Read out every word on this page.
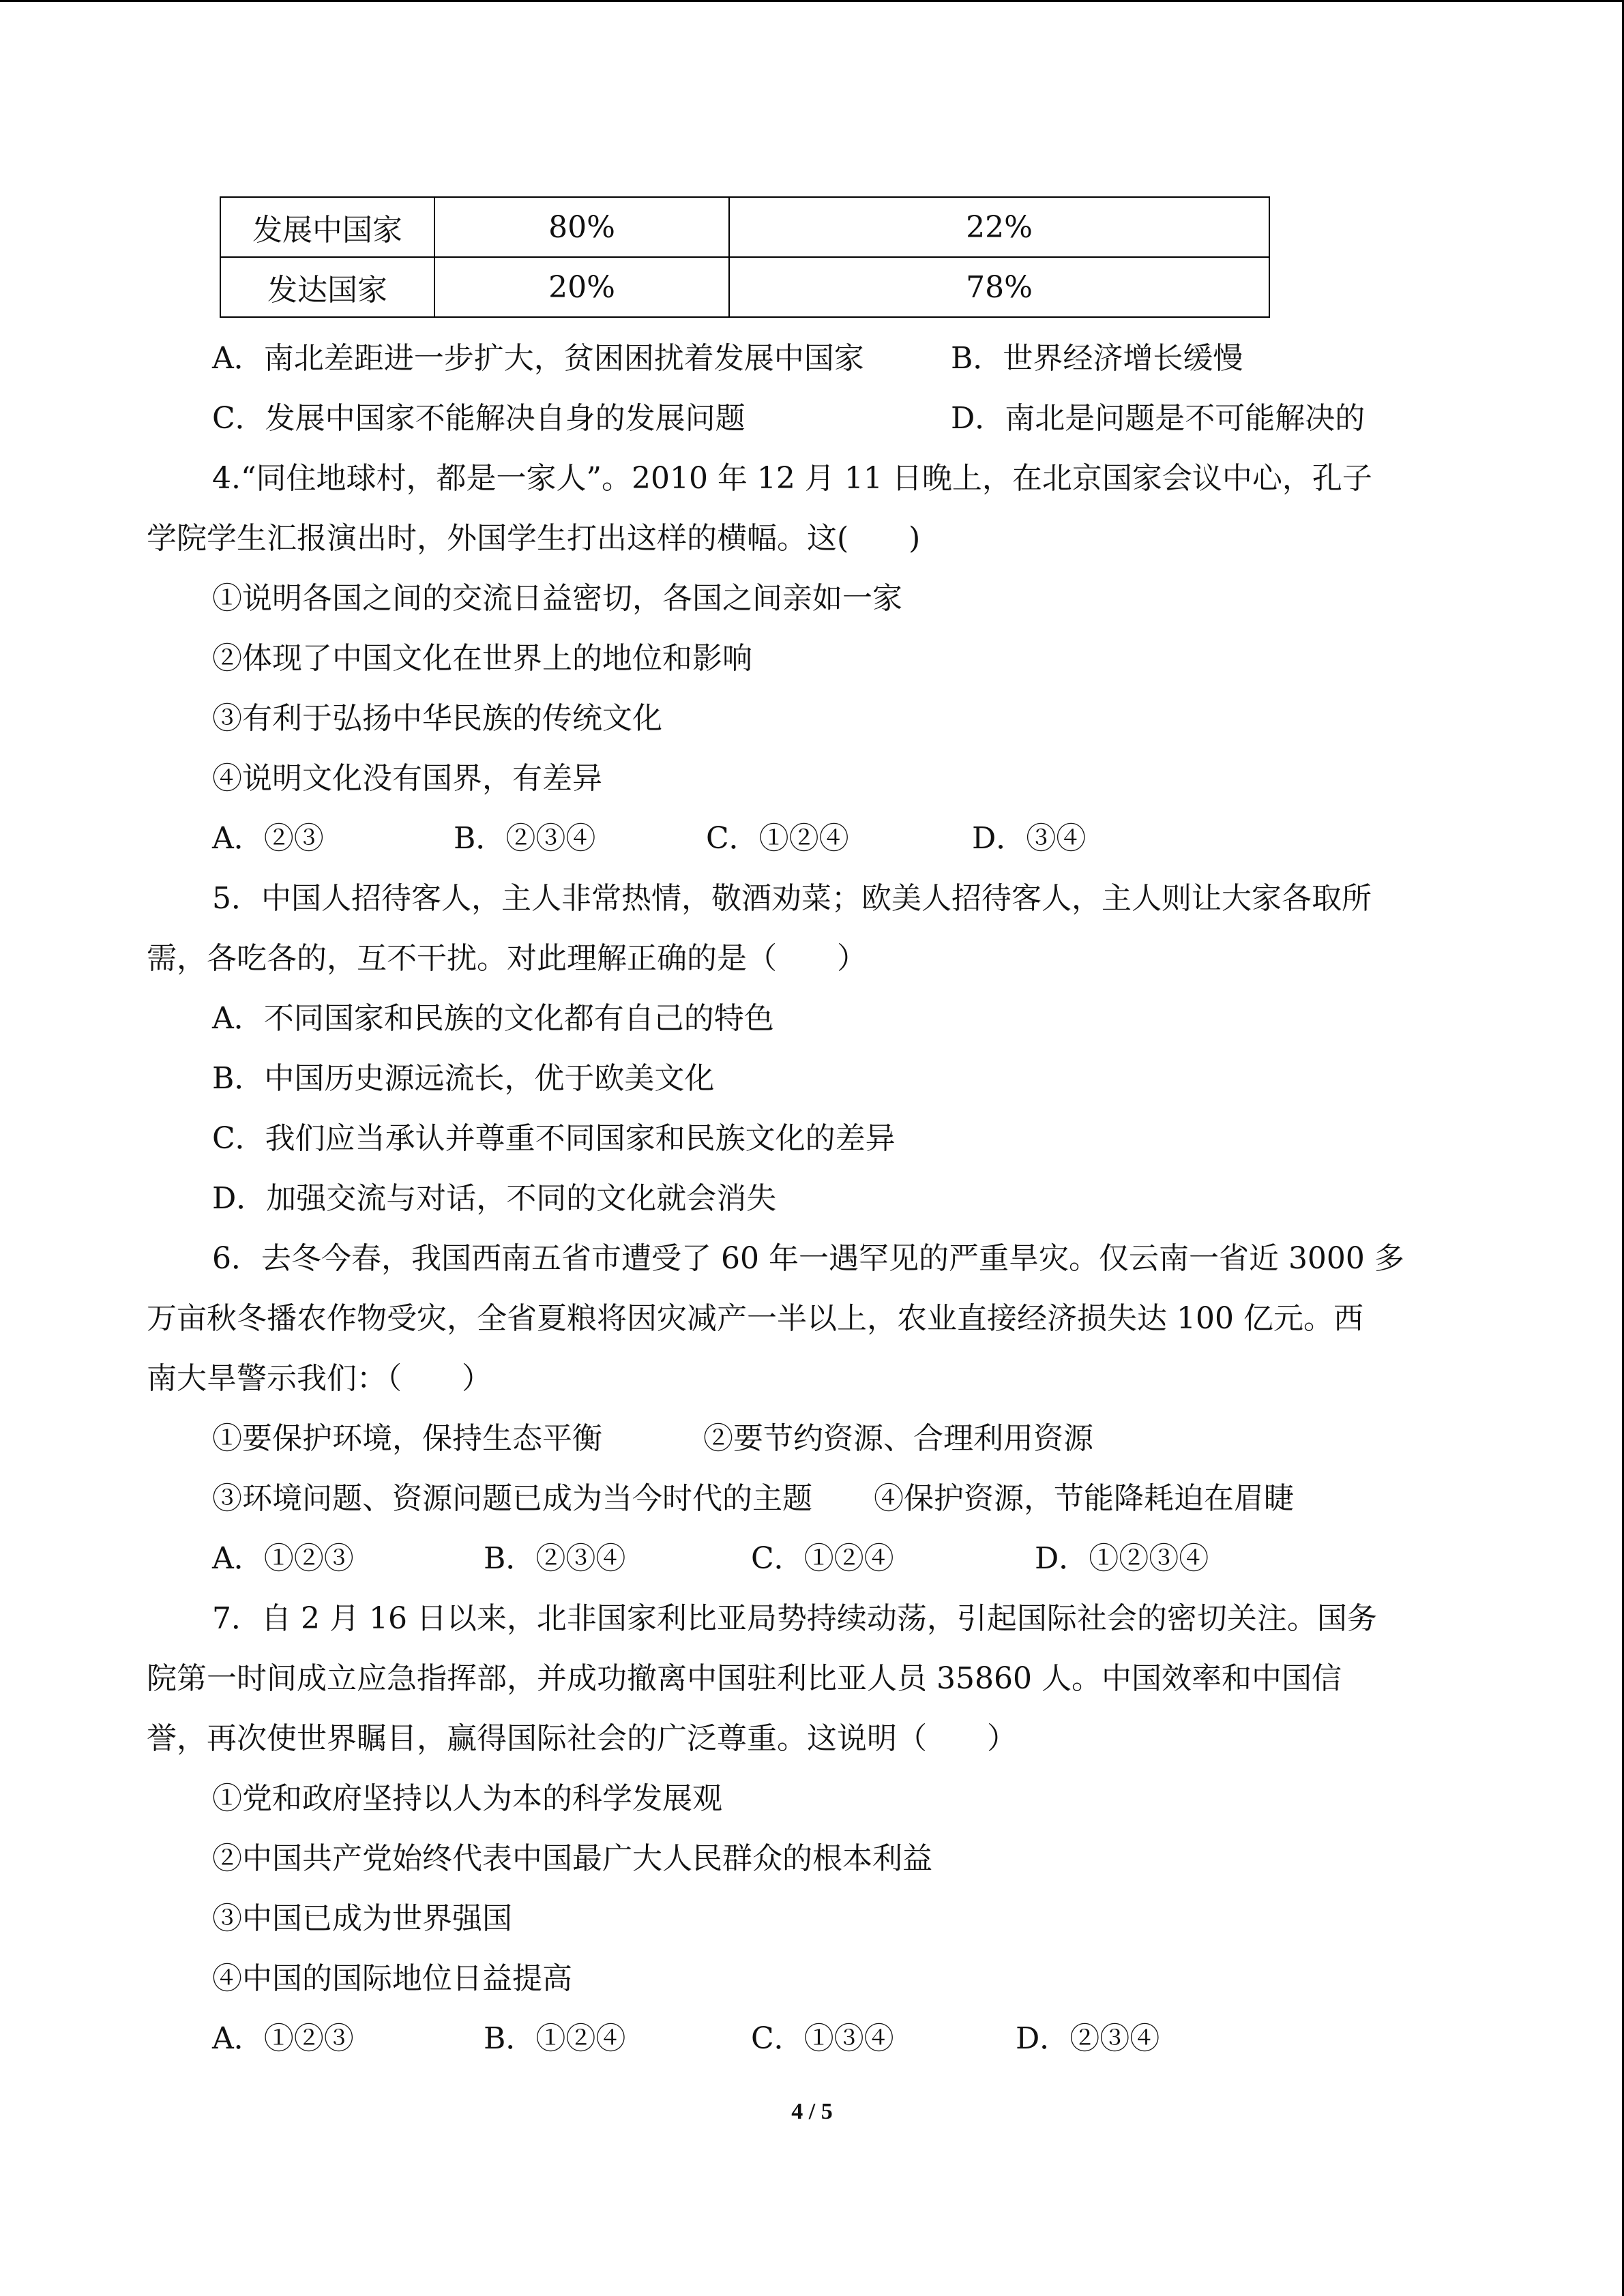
发展中国家	80%	22%
发达国家	20%	78%
A．南北差距进一步扩大，贫困困扰着发展中国家	B．世界经济增长缓慢
C．发展中国家不能解决自身的发展问题	D．南北是问题是不可能解决的

4.“同住地球村，都是一家人”。2010 年 12 月 11 日晚上，在北京国家会议中心，孔子

学院学生汇报演出时，外国学生打出这样的横幅。这(　　)

①说明各国之间的交流日益密切，各国之间亲如一家

②体现了中国文化在世界上的地位和影响

③有利于弘扬中华民族的传统文化

④说明文化没有国界，有差异

A．②③	B．②③④	C．①②④	D．③④

5．中国人招待客人，主人非常热情，敬酒劝菜；欧美人招待客人，主人则让大家各取所

需，各吃各的，互不干扰。对此理解正确的是（　　）

A．不同国家和民族的文化都有自己的特色

B．中国历史源远流长，优于欧美文化

C．我们应当承认并尊重不同国家和民族文化的差异

D．加强交流与对话，不同的文化就会消失

6．去冬今春，我国西南五省市遭受了 60 年一遇罕见的严重旱灾。仅云南一省近 3000 多

万亩秋冬播农作物受灾，全省夏粮将因灾减产一半以上，农业直接经济损失达 100 亿元。西

南大旱警示我们：（　　）

①要保护环境，保持生态平衡	②要节约资源、合理利用资源
③环境问题、资源问题已成为当今时代的主题	④保护资源，节能降耗迫在眉睫
A．①②③	B．②③④	C．①②④	D．①②③④

7．自 2 月 16 日以来，北非国家利比亚局势持续动荡，引起国际社会的密切关注。国务

院第一时间成立应急指挥部，并成功撤离中国驻利比亚人员 35860 人。中国效率和中国信

誉，再次使世界瞩目，赢得国际社会的广泛尊重。这说明（　　）

①党和政府坚持以人为本的科学发展观

②中国共产党始终代表中国最广大人民群众的根本利益

③中国已成为世界强国

④中国的国际地位日益提高

A．①②③	B．①②④	C．①③④	D．②③④
4 / 5
